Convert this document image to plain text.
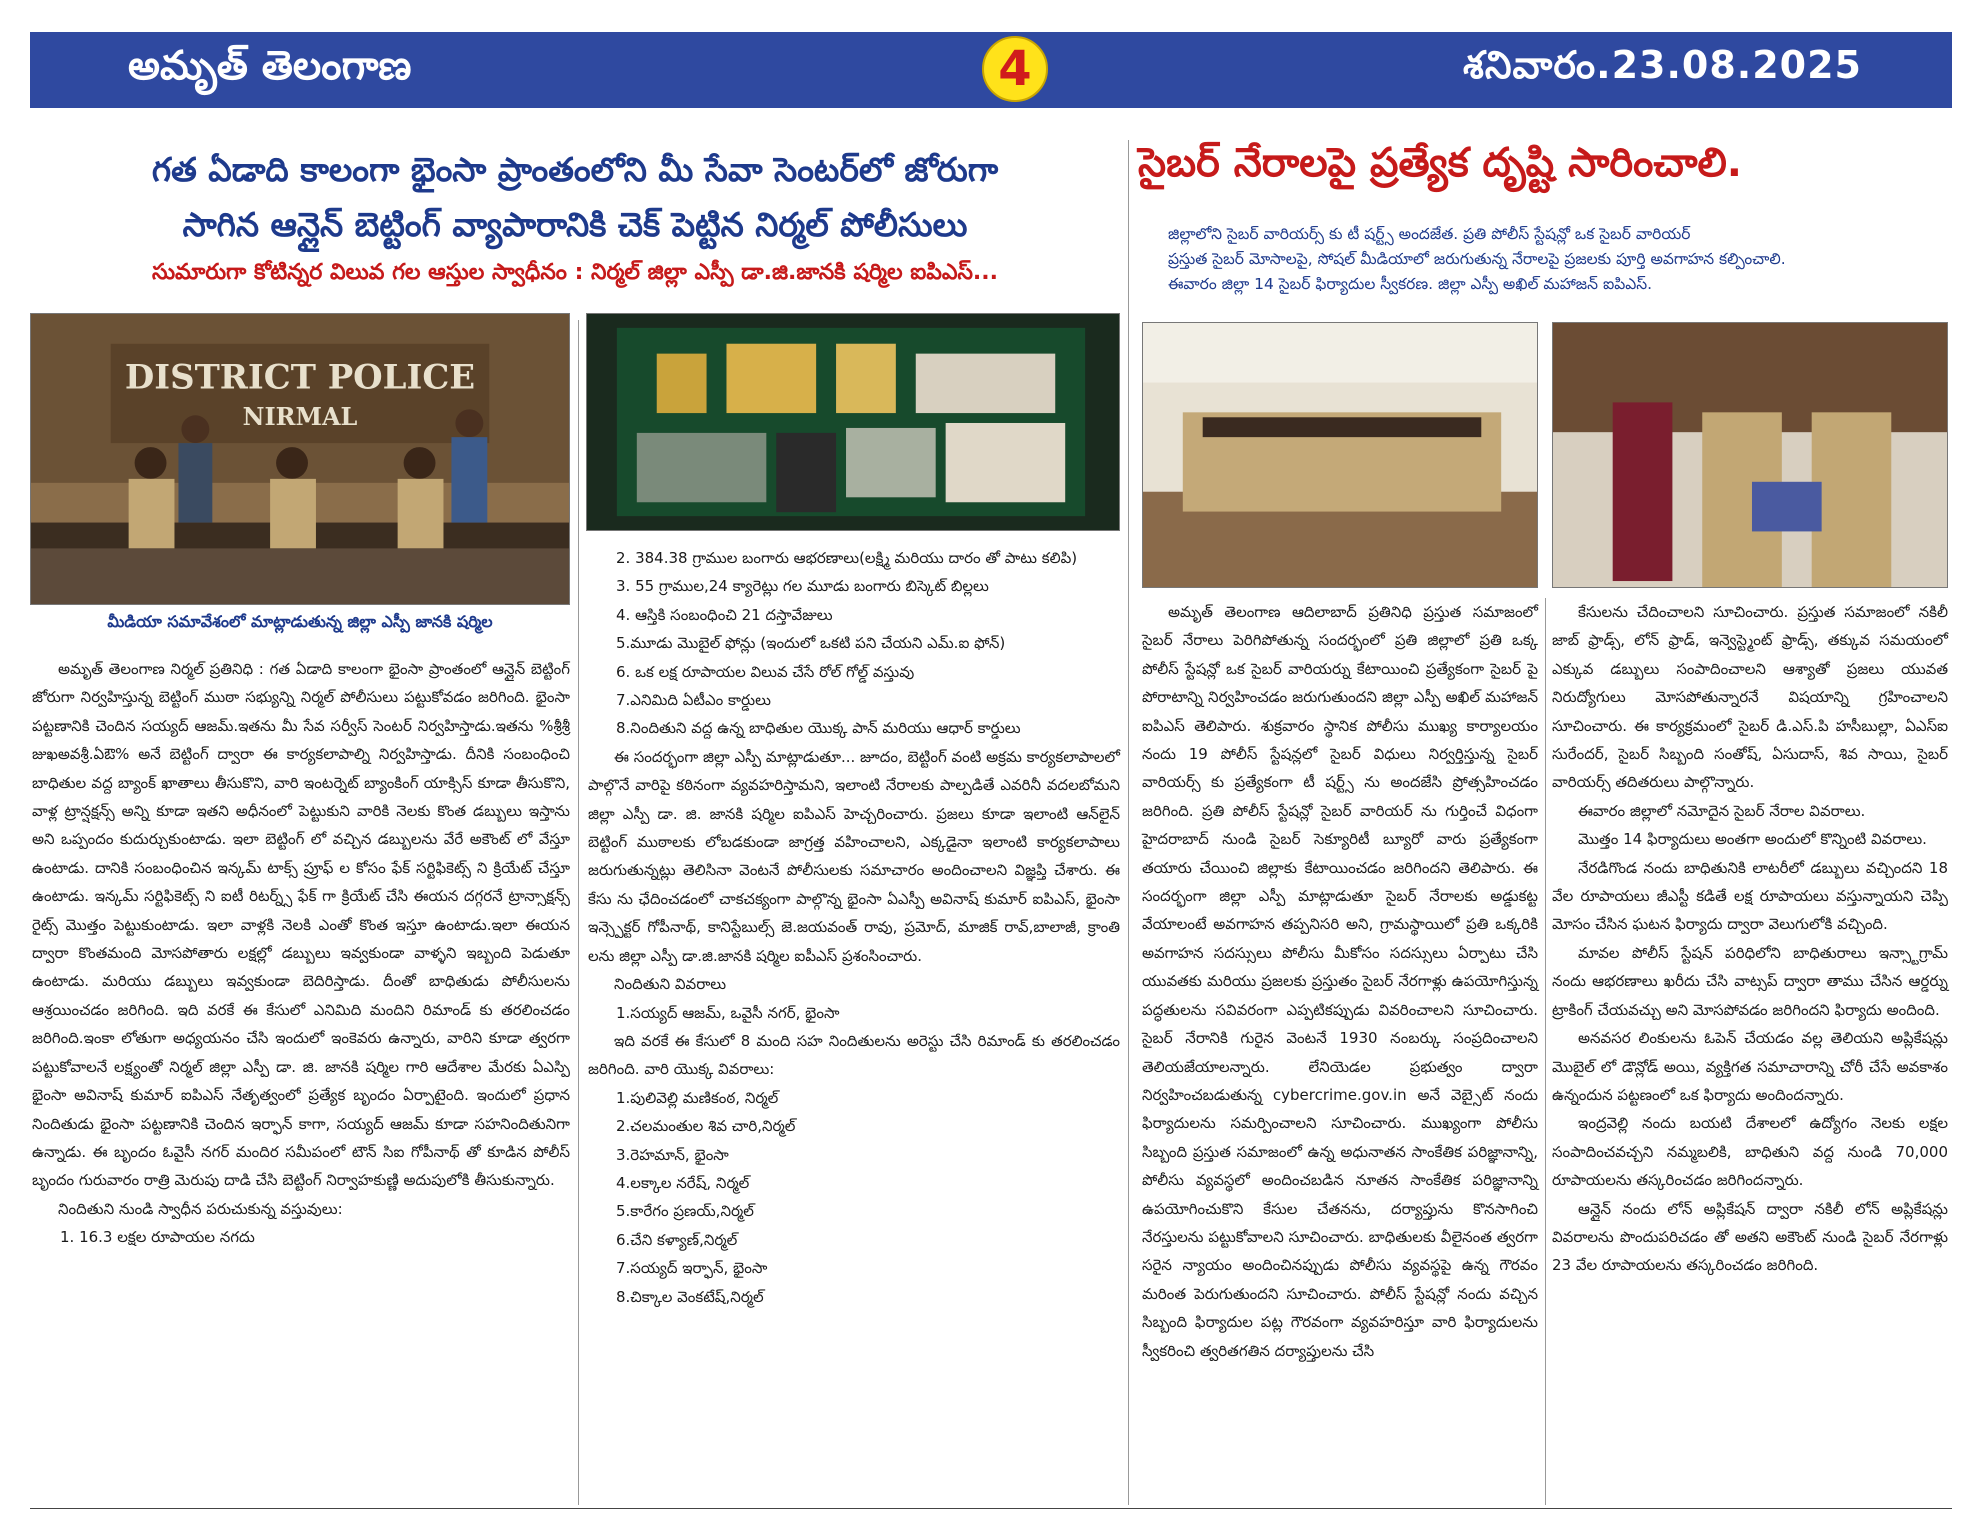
అమృత్ తెలంగాణ	4	శనివారం.23.08.2025
గత ఏడాది కాలంగా భైంసా ప్రాంతంలోని మీ సేవా సెంటర్‌లో జోరుగా
సాగిన ఆన్లైన్ బెట్టింగ్ వ్యాపారానికి చెక్ పెట్టిన నిర్మల్ పోలీసులు
సుమారుగా కోటిన్నర విలువ గల ఆస్తుల స్వాధీనం : నిర్మల్ జిల్లా ఎస్పీ డా.జి.జానకి షర్మిల ఐపిఎస్...
సైబర్ నేరాలపై ప్రత్యేక దృష్టి సారించాలి.

జిల్లాలోని సైబర్ వారియర్స్ కు టీ షర్ట్స్ అందజేత. ప్రతి పోలీస్ స్టేషన్లో ఒక సైబర్ వారియర్

ప్రస్తుత సైబర్ మోసాలపై, సోషల్ మీడియాలో జరుగుతున్న నేరాలపై ప్రజలకు పూర్తి అవగాహన కల్పించాలి.

ఈవారం జిల్లా 14 సైబర్ ఫిర్యాదుల స్వీకరణ. జిల్లా ఎస్పీ అఖిల్ మహాజన్ ఐపిఎస్.

DISTRICT POLICE
NIRMAL
మీడియా సమావేశంలో మాట్లాడుతున్న జిల్లా ఎస్పీ జానకి షర్మిల

అమృత్ తెలంగాణ నిర్మల్ ప్రతినిధి : గత ఏడాది కాలంగా భైంసా ప్రాంతంలో ఆన్లైన్ బెట్టింగ్ జోరుగా నిర్వహిస్తున్న బెట్టింగ్ ముఠా సభ్యున్ని నిర్మల్ పోలీసులు పట్టుకోవడం జరిగింది. భైంసా పట్టణానికి చెందిన సయ్యద్ ఆజమ్.ఇతను మీ సేవ సర్వీస్ సెంటర్ నిర్వహిస్తాడు.ఇతను %శ్రీశ్రీ జుఖఅవశ్రీ.ఏఔ% అనే బెట్టింగ్ ద్వారా ఈ కార్యకలాపాల్ని నిర్వహిస్తాడు. దీనికి సంబంధించి బాధితుల వద్ద బ్యాంక్ ఖాతాలు తీసుకొని, వారి ఇంటర్నెట్ బ్యాంకింగ్ యాక్సిస్ కూడా తీసుకొని, వాళ్ల ట్రాన్షక్షన్స్ అన్ని కూడా ఇతని అధీనంలో పెట్టుకుని వారికి నెలకు కొంత డబ్బులు ఇస్తాను అని ఒప్పందం కుదుర్చుకుంటాడు. ఇలా బెట్టింగ్ లో వచ్చిన డబ్బులను వేరే అకౌంట్ లో వేస్తూ ఉంటాడు. దానికి సంబంధించిన ఇన్కమ్ టాక్స్ ప్రూఫ్ ల కోసం ఫేక్ సర్టిఫికెట్స్ ని క్రియేట్ చేస్తూ ఉంటాడు. ఇన్కమ్ సర్టిఫికెట్స్ ని ఐటీ రిటర్న్స్ ఫేక్ గా క్రియేట్ చేసి ఈయన దగ్గరనే ట్రాన్సాక్షన్స్ రైట్స్ మొత్తం పెట్టుకుంటాడు. ఇలా వాళ్లకి నెలకి ఎంతో కొంత ఇస్తూ ఉంటాడు.ఇలా ఈయన ద్వారా కొంతమంది మోసపోతారు లక్షల్లో డబ్బులు ఇవ్వకుండా వాళ్ళని ఇబ్బంది పెడుతూ ఉంటాడు. మరియు డబ్బులు ఇవ్వకుండా బెదిరిస్తాడు. దీంతో బాధితుడు పోలీసులను ఆశ్రయించడం జరిగింది. ఇది వరకే ఈ కేసులో ఎనిమిది మందిని రిమాండ్ కు తరలించడం జరిగింది.ఇంకా లోతుగా అధ్యయనం చేసి ఇందులో ఇంకెవరు ఉన్నారు, వారిని కూడా త్వరగా పట్టుకోవాలనే లక్ష్యంతో నిర్మల్ జిల్లా ఎస్పీ డా. జి. జానకి షర్మిల గారి ఆదేశాల మేరకు ఏఎస్పి భైంసా అవినాష్ కుమార్ ఐపిఎస్ నేతృత్వంలో ప్రత్యేక బృందం ఏర్పాటైంది. ఇందులో ప్రధాన నిందితుడు భైంసా పట్టణానికి చెందిన ఇర్ఫాన్ కాగా, సయ్యద్ ఆజమ్ కూడా సహనిందితునిగా ఉన్నాడు. ఈ బృందం ఓవైసీ నగర్ మందిర సమీపంలో టౌన్ సిఐ గోపీనాథ్ తో కూడిన పోలీస్ బృందం గురువారం రాత్రి మెరుపు దాడి చేసి బెట్టింగ్ నిర్వాహకుణ్ణి అదుపులోకి తీసుకున్నారు.

నిందితుని నుండి స్వాధీన పరుచుకున్న వస్తువులు:

1. 16.3 లక్షల రూపాయల నగదు

2. 384.38 గ్రాముల బంగారు ఆభరణాలు(లక్ష్మి మరియు దారం తో పాటు కలిపి)

3. 55 గ్రాముల,24 క్యారెట్లు గల మూడు బంగారు బిస్కెట్ బిల్లలు

4. ఆస్తికి సంబంధించి 21 దస్తావేజులు

5.మూడు మొబైల్ ఫోన్లు (ఇందులో ఒకటి పని చేయని ఎమ్.ఐ ఫోన్)

6. ఒక లక్ష రూపాయల విలువ చేసే రోల్ గోల్డ్ వస్తువు

7.ఎనిమిది ఏటీఎం కార్డులు

8.నిందితుని వద్ద ఉన్న బాధితుల యొక్క పాన్ మరియు ఆధార్ కార్డులు

ఈ సందర్భంగా జిల్లా ఎస్పీ మాట్లాడుతూ... జూదం, బెట్టింగ్ వంటి అక్రమ కార్యకలాపాలలో పాల్గొనే వారిపై కఠినంగా వ్యవహరిస్తామని, ఇలాంటి నేరాలకు పాల్పడితే ఎవరినీ వదలబోమని జిల్లా ఎస్పీ డా. జి. జానకి షర్మిల ఐపిఎస్ హెచ్చరించారు. ప్రజలు కూడా ఇలాంటి ఆన్‌లైన్ బెట్టింగ్ ముఠాలకు లోబడకుండా జాగ్రత్త వహించాలని, ఎక్కడైనా ఇలాంటి కార్యకలాపాలు జరుగుతున్నట్లు తెలిసినా వెంటనే పోలీసులకు సమాచారం అందించాలని విజ్ఞప్తి చేశారు. ఈ కేసు ను ఛేదించడంలో చాకచక్యంగా పాల్గొన్న భైంసా ఏఎస్పీ అవినాష్ కుమార్ ఐపిఎస్, భైంసా ఇన్స్పెక్టర్ గోపీనాథ్, కానిస్టేబుల్స్ జె.జయవంత్ రావు, ప్రమోద్, మాజిక్ రావ్,బాలాజీ, క్రాంతి లను జిల్లా ఎస్పీ డా.జి.జానకి షర్మిల ఐపీఎస్ ప్రశంసించారు.

నిందితుని వివరాలు

1.సయ్యద్ ఆజమ్, ఒవైసీ నగర్, భైంసా

ఇది వరకే ఈ కేసులో 8 మంది సహ నిందితులను అరెస్టు చేసి రిమాండ్ కు తరలించడం జరిగింది. వారి యొక్క వివరాలు:

1.పులివెల్లి మణికంఠ, నిర్మల్

2.చలమంతుల శివ చారి,నిర్మల్

3.రెహమాన్, భైంసా

4.లక్కాల నరేష్, నిర్మల్

5.కారేగం ప్రణయ్,నిర్మల్

6.చేని కళ్యాణ్,నిర్మల్

7.సయ్యద్ ఇర్ఫాన్, భైంసా

8.చిక్కాల వెంకటేష్,నిర్మల్

అమృత్ తెలంగాణ ఆదిలాబాద్ ప్రతినిధి ప్రస్తుత సమాజంలో సైబర్ నేరాలు పెరిగిపోతున్న సందర్భంలో ప్రతి జిల్లాలో ప్రతి ఒక్క పోలీస్ స్టేషన్లో ఒక సైబర్ వారియర్ను కేటాయించి ప్రత్యేకంగా సైబర్ పై పోరాటాన్ని నిర్వహించడం జరుగుతుందని జిల్లా ఎస్పీ అఖిల్ మహాజన్ ఐపిఎస్ తెలిపారు. శుక్రవారం స్థానిక పోలీసు ముఖ్య కార్యాలయం నందు 19 పోలీస్ స్టేషన్లలో సైబర్ విధులు నిర్వర్తిస్తున్న సైబర్ వారియర్స్ కు ప్రత్యేకంగా టీ షర్ట్స్ ను అందజేసి ప్రోత్సహించడం జరిగింది. ప్రతి పోలీస్ స్టేషన్లో సైబర్ వారియర్ ను గుర్తించే విధంగా హైదరాబాద్ నుండి సైబర్ సెక్యూరిటీ బ్యూరో వారు ప్రత్యేకంగా తయారు చేయించి జిల్లాకు కేటాయించడం జరిగిందని తెలిపారు. ఈ సందర్భంగా జిల్లా ఎస్పీ మాట్లాడుతూ సైబర్ నేరాలకు అడ్డుకట్ట వేయాలంటే అవగాహన తప్పనిసరి అని, గ్రామస్థాయిలో ప్రతి ఒక్కరికి అవగాహన సదస్సులు పోలీసు మీకోసం సదస్సులు ఏర్పాటు చేసి యువతకు మరియు ప్రజలకు ప్రస్తుతం సైబర్ నేరగాళ్లు ఉపయోగిస్తున్న పద్ధతులను సవివరంగా ఎప్పటికప్పుడు వివరించాలని సూచించారు. సైబర్ నేరానికి గురైన వెంటనే 1930 నంబర్కు సంప్రదించాలని తెలియజేయాలన్నారు. లేనియెడల ప్రభుత్వం ద్వారా నిర్వహించబడుతున్న cybercrime.gov.in అనే వెబ్సైట్ నందు ఫిర్యాదులను సమర్పించాలని సూచించారు. ముఖ్యంగా పోలీసు సిబ్బంది ప్రస్తుత సమాజంలో ఉన్న అధునాతన సాంకేతిక పరిజ్ఞానాన్ని, పోలీసు వ్యవస్థలో అందించబడిన నూతన సాంకేతిక పరిజ్ఞానాన్ని ఉపయోగించుకొని కేసుల చేతనను, దర్యాప్తును కొనసాగించి నేరస్తులను పట్టుకోవాలని సూచించారు. బాధితులకు వీలైనంత త్వరగా సరైన న్యాయం అందించినప్పుడు పోలీసు వ్యవస్థపై ఉన్న గౌరవం మరింత పెరుగుతుందని సూచించారు. పోలీస్ స్టేషన్లో నందు వచ్చిన సిబ్బంది ఫిర్యాదుల పట్ల గౌరవంగా వ్యవహరిస్తూ వారి ఫిర్యాదులను స్వీకరించి త్వరితగతిన దర్యాప్తులను చేసి

కేసులను చేదించాలని సూచించారు. ప్రస్తుత సమాజంలో నకిలీ జాబ్ ఫ్రాడ్స్, లోన్ ఫ్రాడ్, ఇన్వెస్ట్మెంట్ ఫ్రాడ్స్, తక్కువ సమయంలో ఎక్కువ డబ్బులు సంపాదించాలని ఆశ్యాతో ప్రజలు యువత నిరుద్యోగులు మోసపోతున్నారనే విషయాన్ని గ్రహించాలని సూచించారు. ఈ కార్యక్రమంలో సైబర్ డి.ఎస్.పి హసీబుల్లా, ఏఎస్ఐ సురేందర్, సైబర్ సిబ్బంది సంతోష్, ఏసుదాస్, శివ సాయి, సైబర్ వారియర్స్ తదితరులు పాల్గొన్నారు.

ఈవారం జిల్లాలో నమోదైన సైబర్ నేరాల వివరాలు.

మొత్తం 14 ఫిర్యాదులు అంతగా అందులో కొన్నింటి వివరాలు.

నేరడిగొండ నందు బాధితునికి లాటరీలో డబ్బులు వచ్చిందని 18 వేల రూపాయలు జీఎస్టీ కడితే లక్ష రూపాయలు వస్తున్నాయని చెప్పి మోసం చేసిన ఘటన ఫిర్యాదు ద్వారా వెలుగులోకి వచ్చింది.

మావల పోలీస్ స్టేషన్ పరిధిలోని బాధితురాలు ఇన్స్టాగ్రామ్ నందు ఆభరణాలు ఖరీదు చేసి వాట్సప్ ద్వారా తాము చేసిన ఆర్డర్ను ట్రాకింగ్ చేయవచ్చు అని మోసపోవడం జరిగిందని ఫిర్యాదు అందింది.

అనవసర లింకులను ఓపెన్ చేయడం వల్ల తెలియని అప్లికేషన్లు మొబైల్ లో డౌన్లోడ్ అయి, వ్యక్తిగత సమాచారాన్ని చోరీ చేసే అవకాశం ఉన్నందున పట్టణంలో ఒక ఫిర్యాదు అందిందన్నారు.

ఇంద్రవెల్లి నందు బయటి దేశాలలో ఉద్యోగం నెలకు లక్షల సంపాదించవచ్చని నమ్మబలికి, బాధితుని వద్ద నుండి 70,000 రూపాయలను తస్కరించడం జరిగిందన్నారు.

ఆన్లైన్ నందు లోన్ అప్లికేషన్ ద్వారా నకిలీ లోన్ అప్లికేషన్లు వివరాలను పొందుపరిచడం తో అతని అకౌంట్ నుండి సైబర్ నేరగాళ్లు 23 వేల రూపాయలను తస్కరించడం జరిగింది.
